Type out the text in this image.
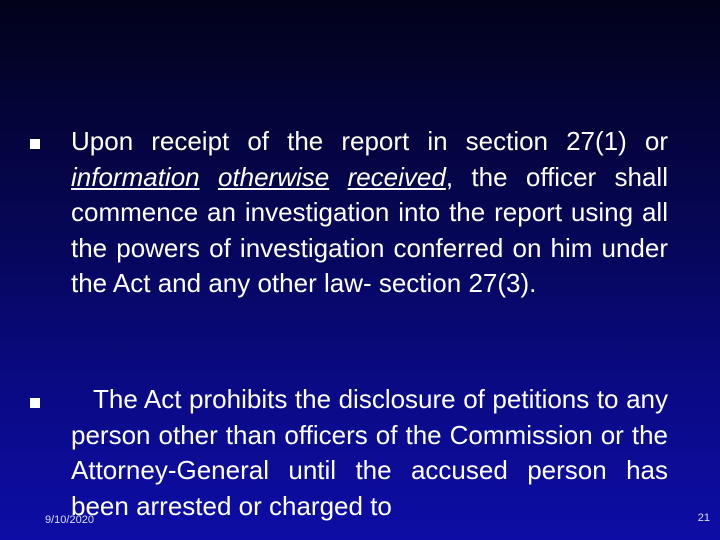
Upon receipt of the report in section 27(1) or information otherwise received, the officer shall commence an investigation into the report using all the powers of investigation conferred on him under the Act and any other law- section 27(3).

The Act prohibits the disclosure of petitions to any person other than officers of the Commission or the Attorney-General until the accused person has been arrested or charged to

9/10/2020	21
